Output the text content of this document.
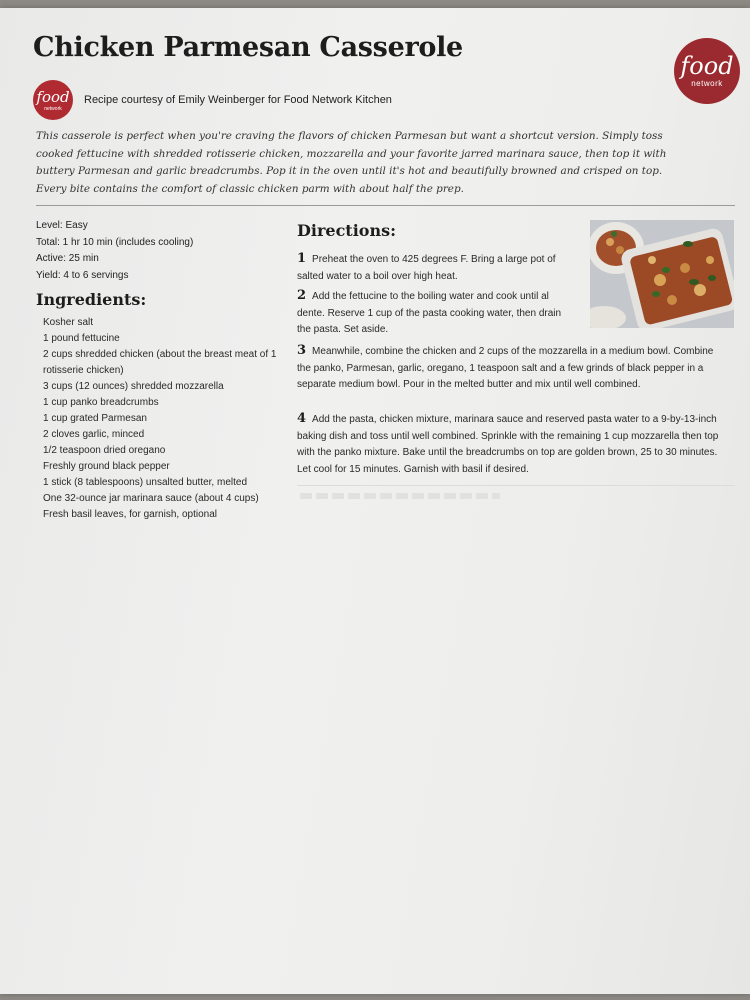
Chicken Parmesan Casserole
food
network
food
network
Recipe courtesy of Emily Weinberger for Food Network Kitchen

This casserole is perfect when you're craving the flavors of chicken Parmesan but want a shortcut version. Simply toss cooked fettucine with shredded rotisserie chicken, mozzarella and your favorite jarred marinara sauce, then top it with buttery Parmesan and garlic breadcrumbs. Pop it in the oven until it's hot and beautifully browned and crisped on top. Every bite contains the comfort of classic chicken parm with about half the prep.

Level: Easy
Total: 1 hr 10 min (includes cooling)
Active: 25 min
Yield: 4 to 6 servings
Ingredients:
Kosher salt
1 pound fettucine
2 cups shredded chicken (about the breast meat of 1 rotisserie chicken)
3 cups (12 ounces) shredded mozzarella
1 cup panko breadcrumbs
1 cup grated Parmesan
2 cloves garlic, minced
1/2 teaspoon dried oregano
Freshly ground black pepper
1 stick (8 tablespoons) unsalted butter, melted
One 32-ounce jar marinara sauce (about 4 cups)
Fresh basil leaves, for garnish, optional
Directions:

1 Preheat the oven to 425 degrees F. Bring a large pot of salted water to a boil over high heat.

2 Add the fettucine to the boiling water and cook until al dente. Reserve 1 cup of the pasta cooking water, then drain the pasta. Set aside.

3 Meanwhile, combine the chicken and 2 cups of the mozzarella in a medium bowl. Combine the panko, Parmesan, garlic, oregano, 1 teaspoon salt and a few grinds of black pepper in a separate medium bowl. Pour in the melted butter and mix until well combined.

4 Add the pasta, chicken mixture, marinara sauce and reserved pasta water to a 9-by-13-inch baking dish and toss until well combined. Sprinkle with the remaining 1 cup mozzarella then top with the panko mixture. Bake until the breadcrumbs on top are golden brown, 25 to 30 minutes. Let cool for 15 minutes. Garnish with basil if desired.
